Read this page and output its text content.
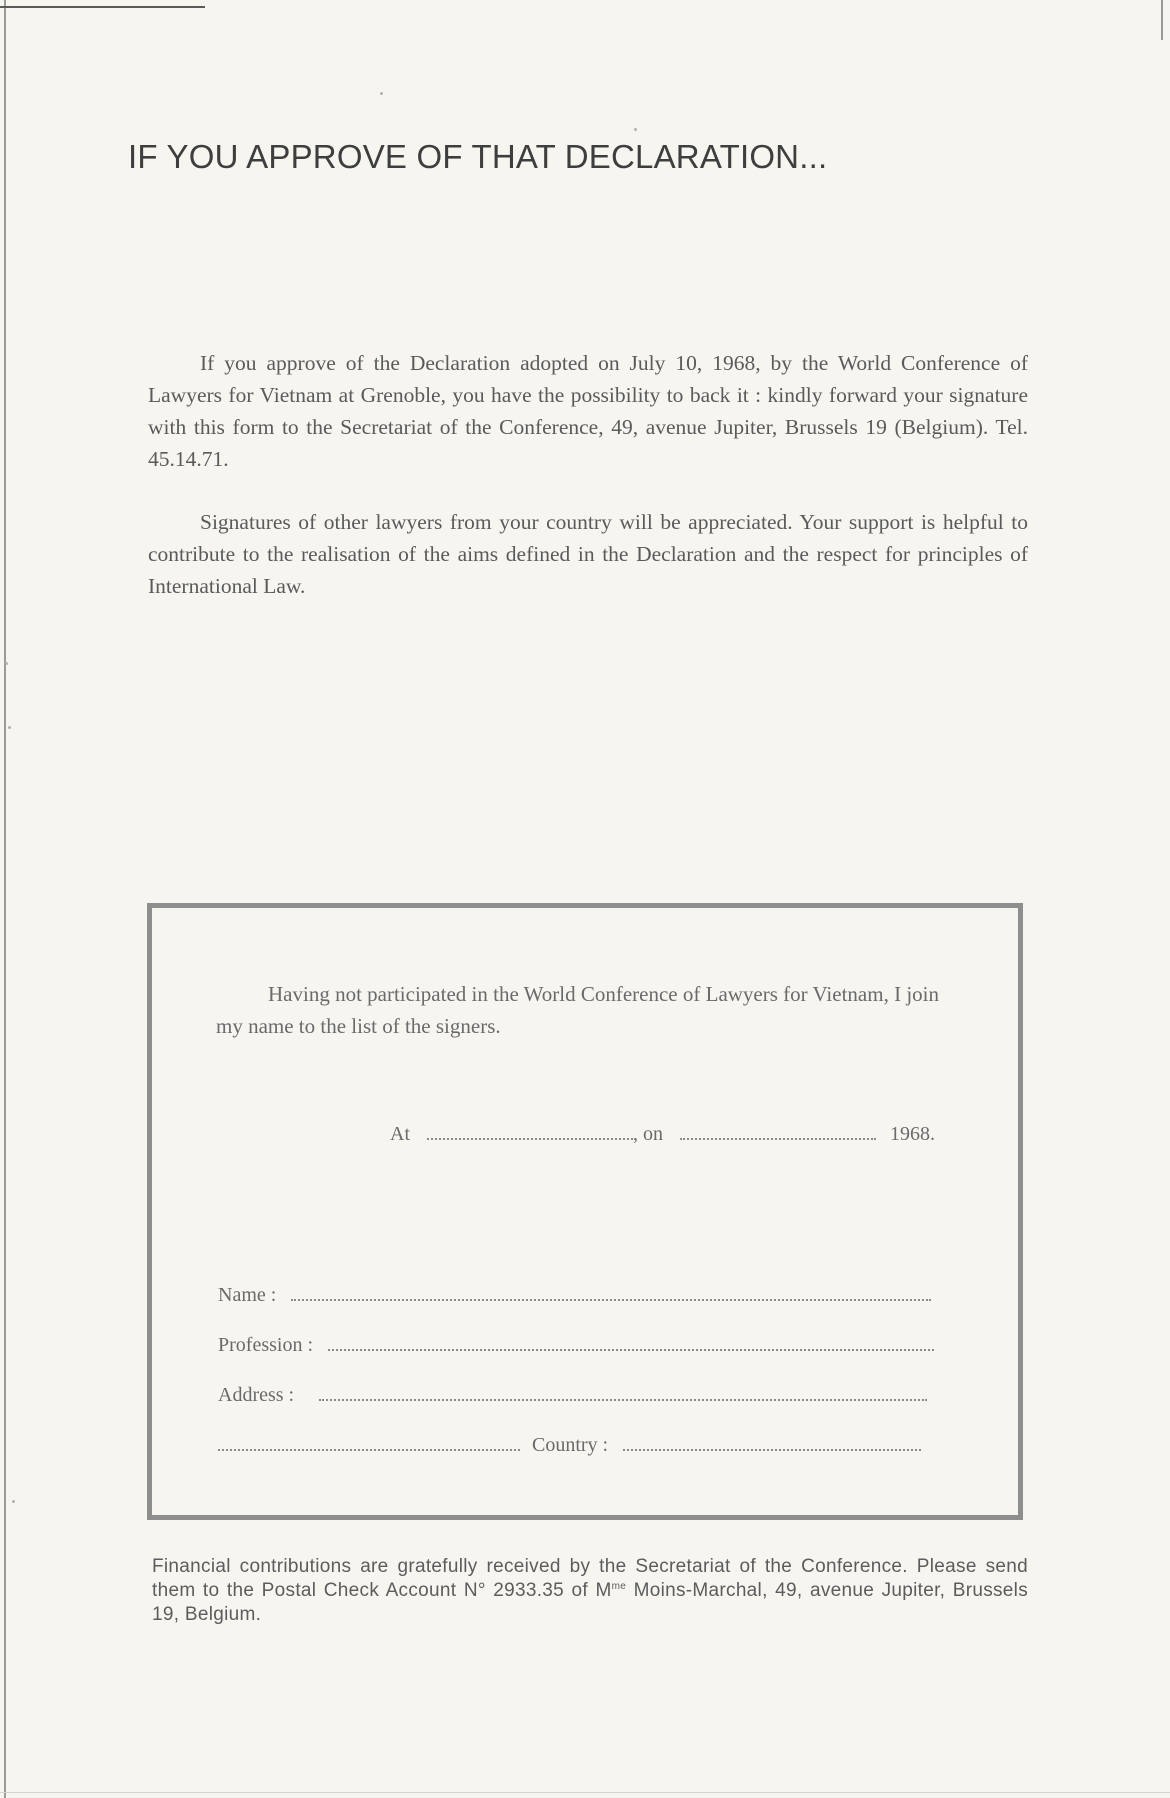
IF YOU APPROVE OF THAT DECLARATION...

If you approve of the Declaration adopted on July 10, 1968, by the World Conference of Lawyers for Vietnam at Grenoble, you have the possibility to back it : kindly forward your signature with this form to the Secretariat of the Conference, 49, avenue Jupiter, Brussels 19 (Belgium). Tel. 45.14.71.

Signatures of other lawyers from your country will be appreciated. Your support is helpful to contribute to the realisation of the aims defined in the Declaration and the respect for principles of International Law.

Having not participated in the World Conference of Lawyers for Vietnam, I join my name to the list of the signers.

At	, on	1968.
Name :
Profession :
Address :
Country :

Financial contributions are gratefully received by the Secretariat of the Conference. Please send them to the Postal Check Account N° 2933.35 of $M^{me}$ Moins-Marchal, 49, avenue Jupiter, Brussels 19, Belgium.
